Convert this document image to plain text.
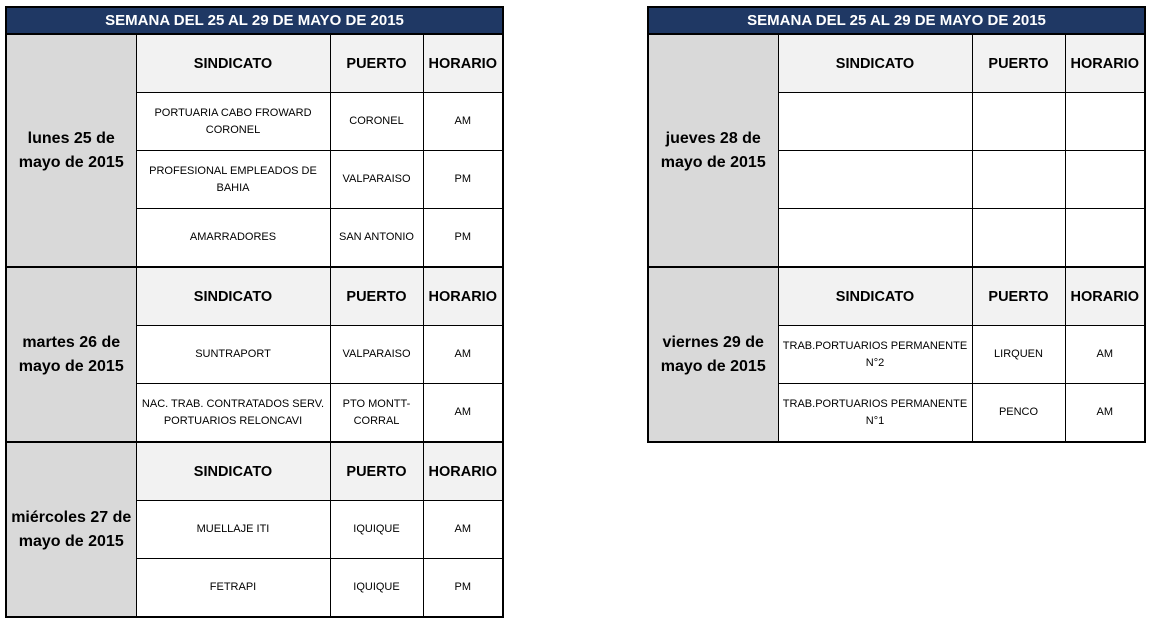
SEMANA DEL 25 AL 29 DE MAYO DE 2015			
lunes 25 de mayo de 2015	SINDICATO	PUERTO	HORARIO
	PORTUARIA CABO FROWARD CORONEL	CORONEL	AM
	PROFESIONAL EMPLEADOS DE BAHIA	VALPARAISO	PM
	AMARRADORES	SAN ANTONIO	PM
martes 26 de mayo de 2015	SINDICATO	PUERTO	HORARIO
	SUNTRAPORT	VALPARAISO	AM
	NAC. TRAB. CONTRATADOS SERV. PORTUARIOS RELONCAVI	PTO MONTT-CORRAL	AM
miércoles 27 de mayo de 2015	SINDICATO	PUERTO	HORARIO
	MUELLAJE ITI	IQUIQUE	AM
	FETRAPI	IQUIQUE	PM
SEMANA DEL 25 AL 29 DE MAYO DE 2015			
jueves 28 de mayo de 2015	SINDICATO	PUERTO	HORARIO

viernes 29 de mayo de 2015	SINDICATO	PUERTO	HORARIO
	TRAB.PORTUARIOS PERMANENTE N°2	LIRQUEN	AM
	TRAB.PORTUARIOS PERMANENTE N°1	PENCO	AM
